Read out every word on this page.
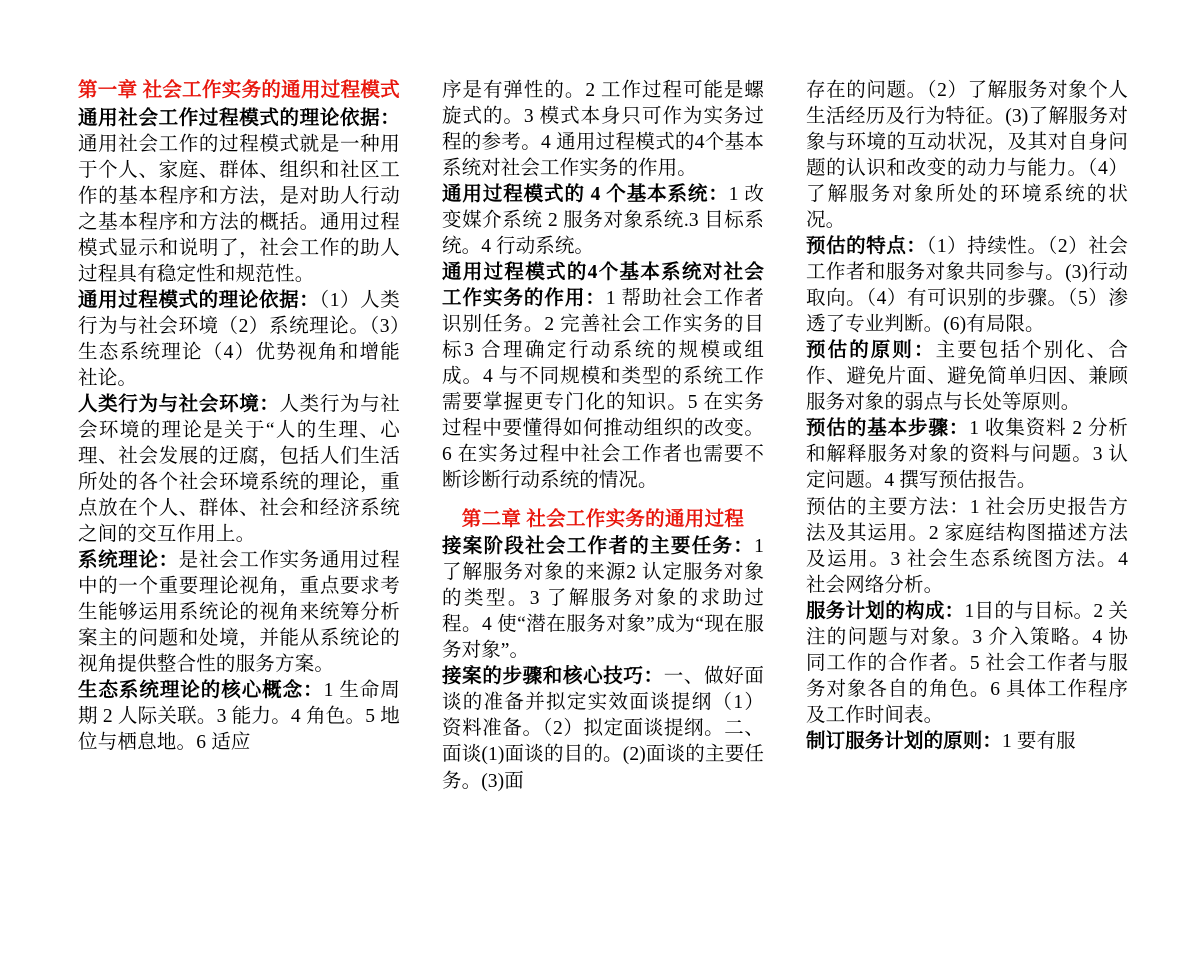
第一章 社会工作实务的通用过程模式

通用社会工作过程模式的理论依据：通用社会工作的过程模式就是一种用于个人、家庭、群体、组织和社区工作的基本程序和方法，是对助人行动之基本程序和方法的概括。通用过程模式显示和说明了，社会工作的助人过程具有稳定性和规范性。

通用过程模式的理论依据：（1）人类行为与社会环境（2）系统理论。（3）生态系统理论（4）优势视角和增能社论。

人类行为与社会环境：人类行为与社会环境的理论是关于“人的生理、心理、社会发展的迂腐，包括人们生活所处的各个社会环境系统的理论，重点放在个人、群体、社会和经济系统之间的交互作用上。

系统理论：是社会工作实务通用过程中的一个重要理论视角，重点要求考生能够运用系统论的视角来统筹分析案主的问题和处境，并能从系统论的视角提供整合性的服务方案。

生态系统理论的核心概念：1 生命周期 2 人际关联。3 能力。4 角色。5 地位与栖息地。6 适应

序是有弹性的。2 工作过程可能是螺旋式的。3 模式本身只可作为实务过程的参考。4 通用过程模式的4个基本系统对社会工作实务的作用。

通用过程模式的 4 个基本系统：1 改变媒介系统 2 服务对象系统.3 目标系统。4 行动系统。

通用过程模式的4个基本系统对社会工作实务的作用：1 帮助社会工作者识别任务。2 完善社会工作实务的目标3 合理确定行动系统的规模或组成。4 与不同规模和类型的系统工作需要掌握更专门化的知识。5 在实务过程中要懂得如何推动组织的改变。6 在实务过程中社会工作者也需要不断诊断行动系统的情况。

第二章 社会工作实务的通用过程

接案阶段社会工作者的主要任务：1 了解服务对象的来源2 认定服务对象的类型。3 了解服务对象的求助过程。4 使“潜在服务对象”成为“现在服务对象”。

接案的步骤和核心技巧：一、做好面谈的准备并拟定实效面谈提纲（1）资料准备。（2）拟定面谈提纲。二、面谈(1)面谈的目的。(2)面谈的主要任务。(3)面

存在的问题。（2）了解服务对象个人生活经历及行为特征。(3)了解服务对象与环境的互动状况，及其对自身问题的认识和改变的动力与能力。（4）了解服务对象所处的环境系统的状况。

预估的特点：（1）持续性。（2）社会工作者和服务对象共同参与。(3)行动取向。（4）有可识别的步骤。（5）渗透了专业判断。(6)有局限。

预估的原则：主要包括个别化、合作、避免片面、避免简单归因、兼顾服务对象的弱点与长处等原则。

预估的基本步骤：1 收集资料 2 分析和解释服务对象的资料与问题。3 认定问题。4 撰写预估报告。

预估的主要方法：1 社会历史报告方法及其运用。2 家庭结构图描述方法及运用。3 社会生态系统图方法。4 社会网络分析。

服务计划的构成：1目的与目标。2 关注的问题与对象。3 介入策略。4 协同工作的合作者。5 社会工作者与服务对象各自的角色。6 具体工作程序及工作时间表。

制订服务计划的原则：1 要有服
